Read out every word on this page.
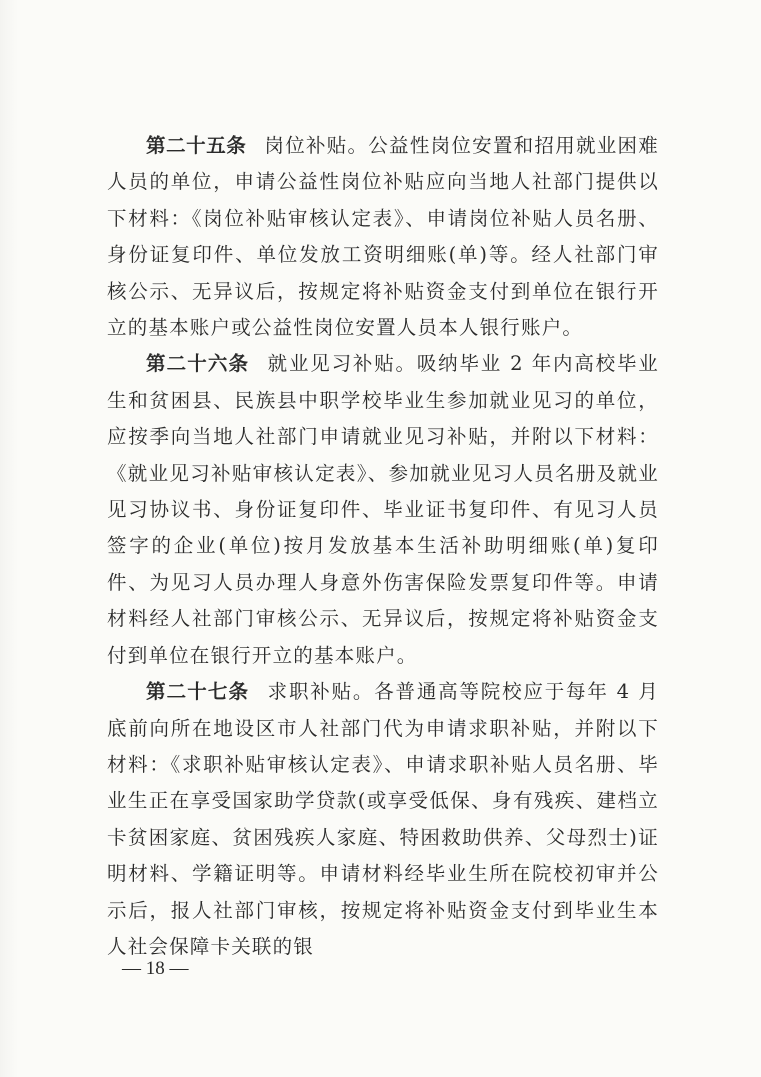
第二十五条 岗位补贴。公益性岗位安置和招用就业困难人员的单位，申请公益性岗位补贴应向当地人社部门提供以下材料：《岗位补贴审核认定表》、申请岗位补贴人员名册、身份证复印件、单位发放工资明细账(单)等。经人社部门审核公示、无异议后，按规定将补贴资金支付到单位在银行开立的基本账户或公益性岗位安置人员本人银行账户。

第二十六条 就业见习补贴。吸纳毕业 2 年内高校毕业生和贫困县、民族县中职学校毕业生参加就业见习的单位，应按季向当地人社部门申请就业见习补贴，并附以下材料：《就业见习补贴审核认定表》、参加就业见习人员名册及就业见习协议书、身份证复印件、毕业证书复印件、有见习人员签字的企业(单位)按月发放基本生活补助明细账(单)复印件、为见习人员办理人身意外伤害保险发票复印件等。申请材料经人社部门审核公示、无异议后，按规定将补贴资金支付到单位在银行开立的基本账户。

第二十七条 求职补贴。各普通高等院校应于每年 4 月底前向所在地设区市人社部门代为申请求职补贴，并附以下材料：《求职补贴审核认定表》、申请求职补贴人员名册、毕业生正在享受国家助学贷款(或享受低保、身有残疾、建档立卡贫困家庭、贫困残疾人家庭、特困救助供养、父母烈士)证明材料、学籍证明等。申请材料经毕业生所在院校初审并公示后，报人社部门审核，按规定将补贴资金支付到毕业生本人社会保障卡关联的银

— 18 —
